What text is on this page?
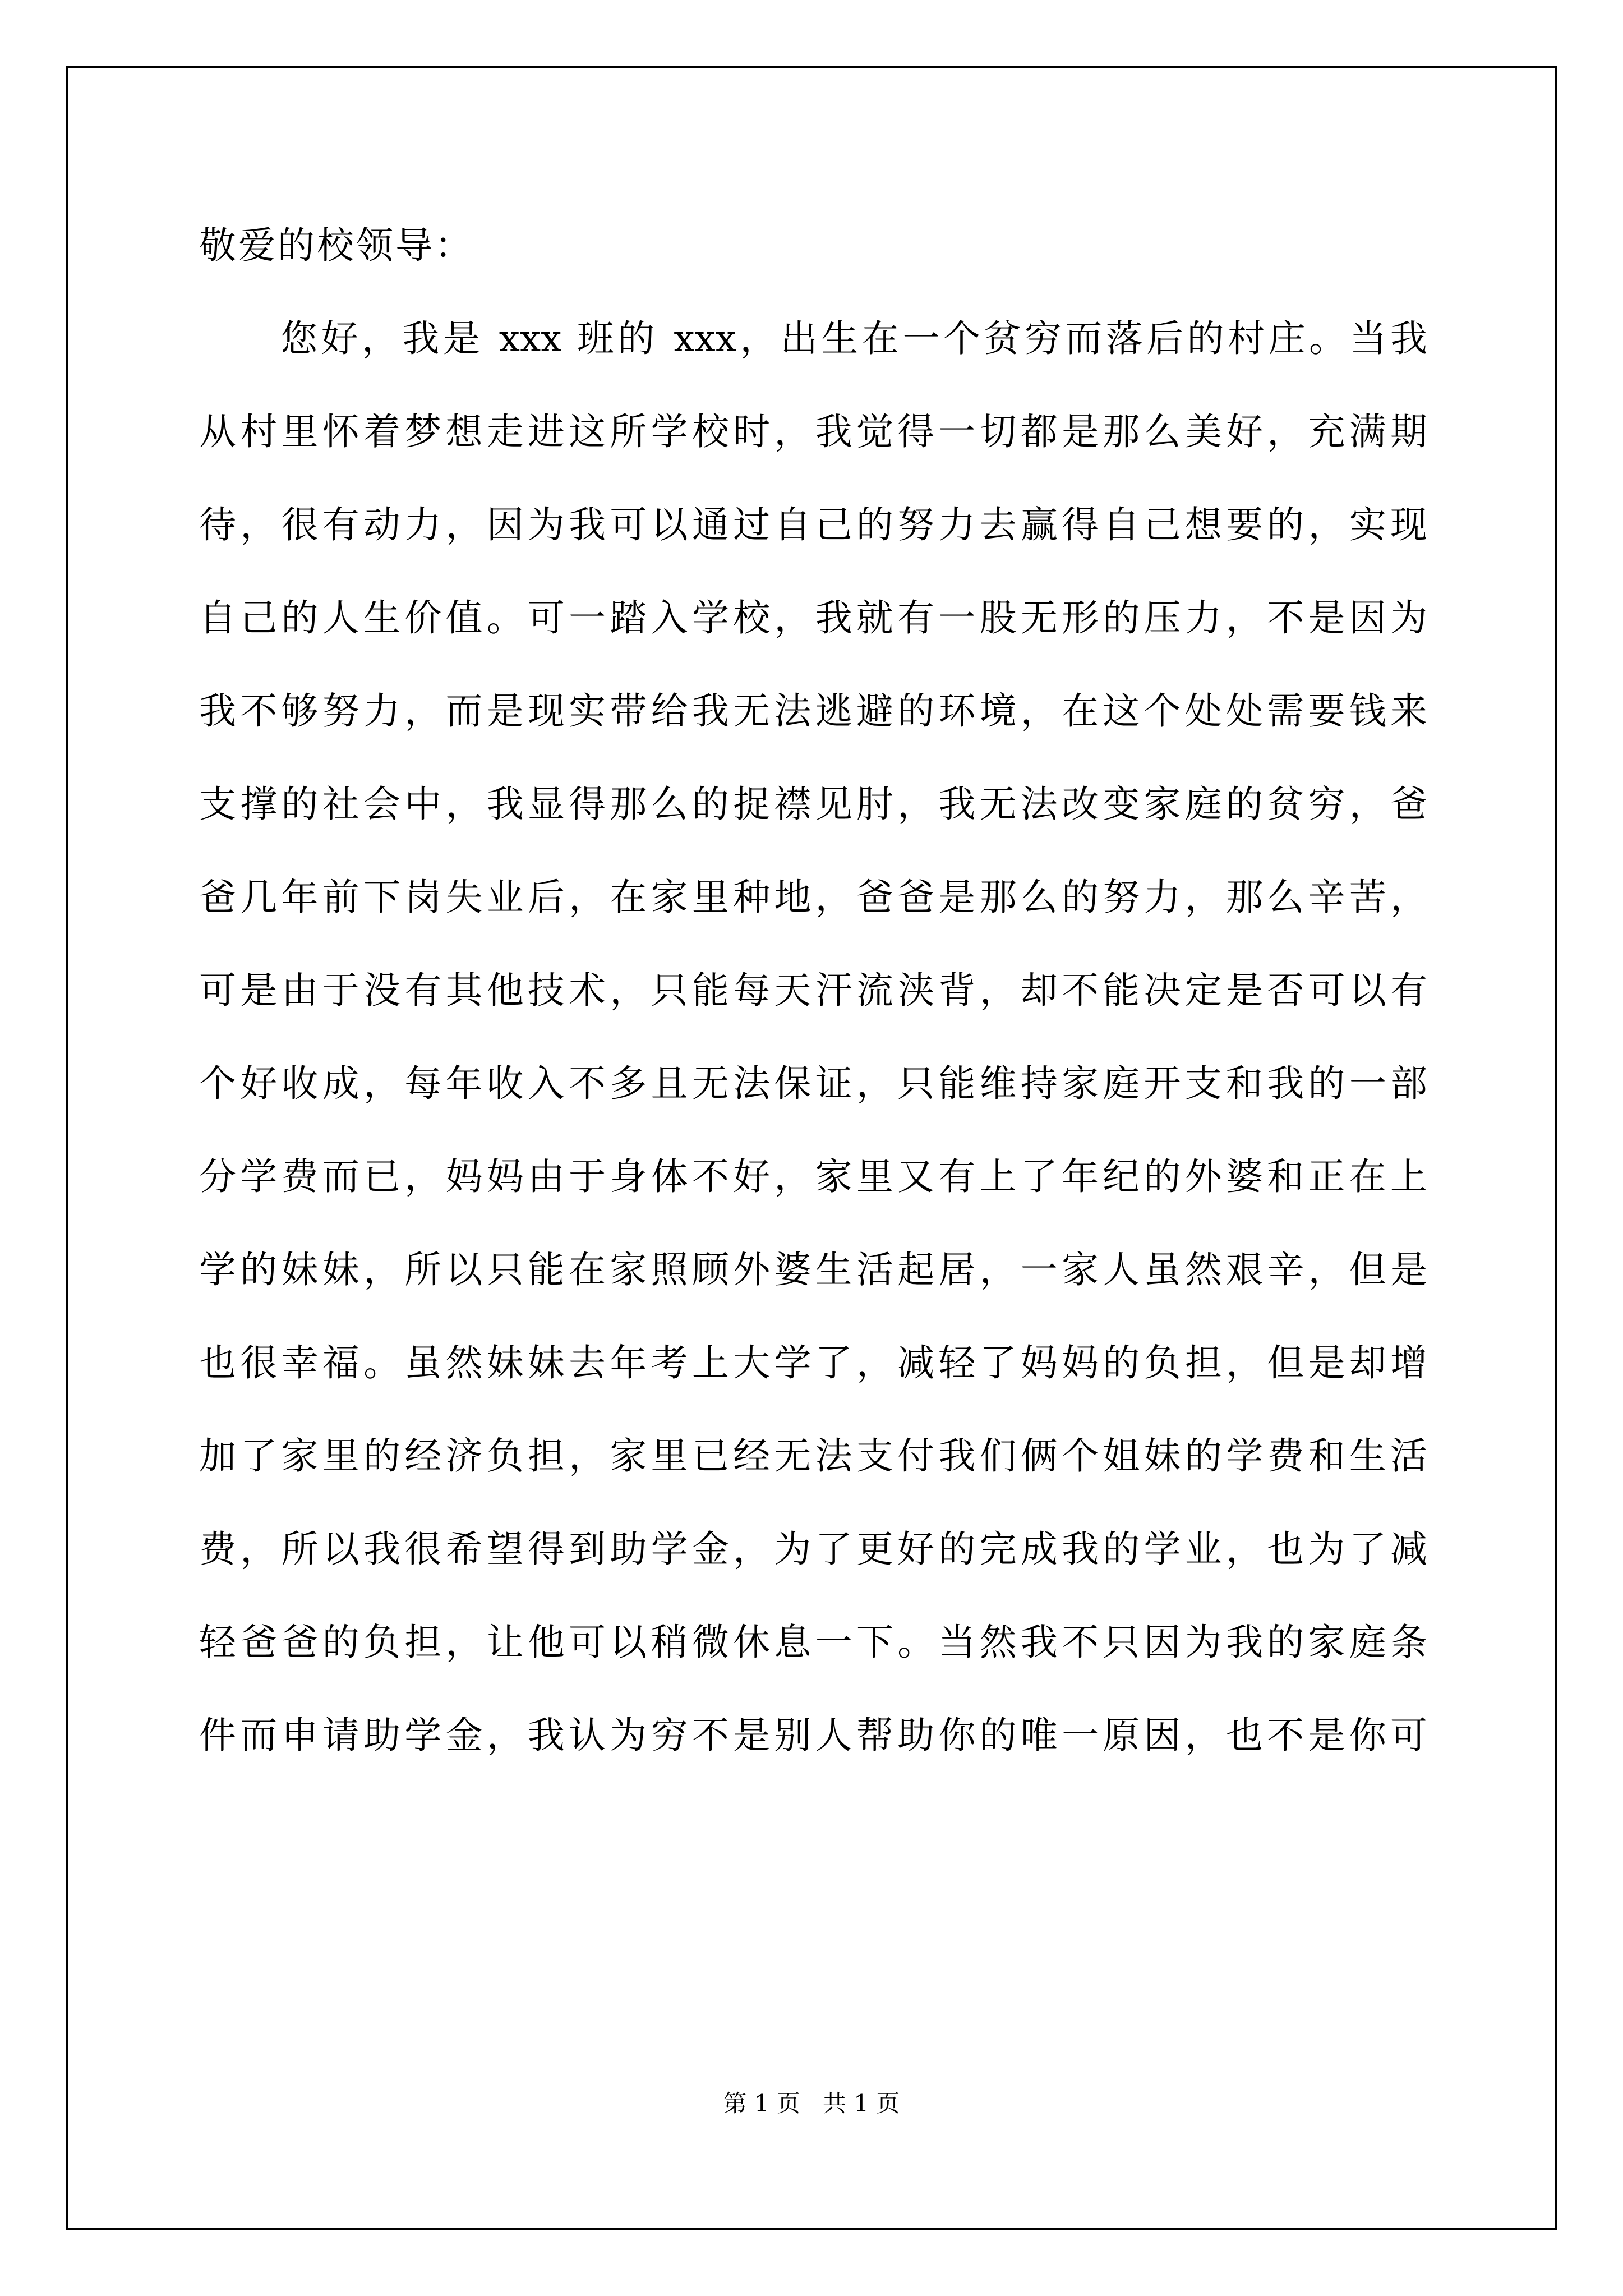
敬爱的校领导：

您好，我是 xxx 班的 xxx，出生在一个贫穷而落后的村庄。当我
从村里怀着梦想走进这所学校时，我觉得一切都是那么美好，充满期
待，很有动力，因为我可以通过自己的努力去赢得自己想要的，实现
自己的人生价值。可一踏入学校，我就有一股无形的压力，不是因为
我不够努力，而是现实带给我无法逃避的环境，在这个处处需要钱来
支撑的社会中，我显得那么的捉襟见肘，我无法改变家庭的贫穷，爸
爸几年前下岗失业后，在家里种地，爸爸是那么的努力，那么辛苦，
可是由于没有其他技术，只能每天汗流浃背，却不能决定是否可以有
个好收成，每年收入不多且无法保证，只能维持家庭开支和我的一部
分学费而已，妈妈由于身体不好，家里又有上了年纪的外婆和正在上
学的妹妹，所以只能在家照顾外婆生活起居，一家人虽然艰辛，但是
也很幸福。虽然妹妹去年考上大学了，减轻了妈妈的负担，但是却增
加了家里的经济负担，家里已经无法支付我们俩个姐妹的学费和生活
费，所以我很希望得到助学金，为了更好的完成我的学业，也为了减
轻爸爸的负担，让他可以稍微休息一下。当然我不只因为我的家庭条
件而申请助学金，我认为穷不是别人帮助你的唯一原因，也不是你可
第 1 页 共 1 页
